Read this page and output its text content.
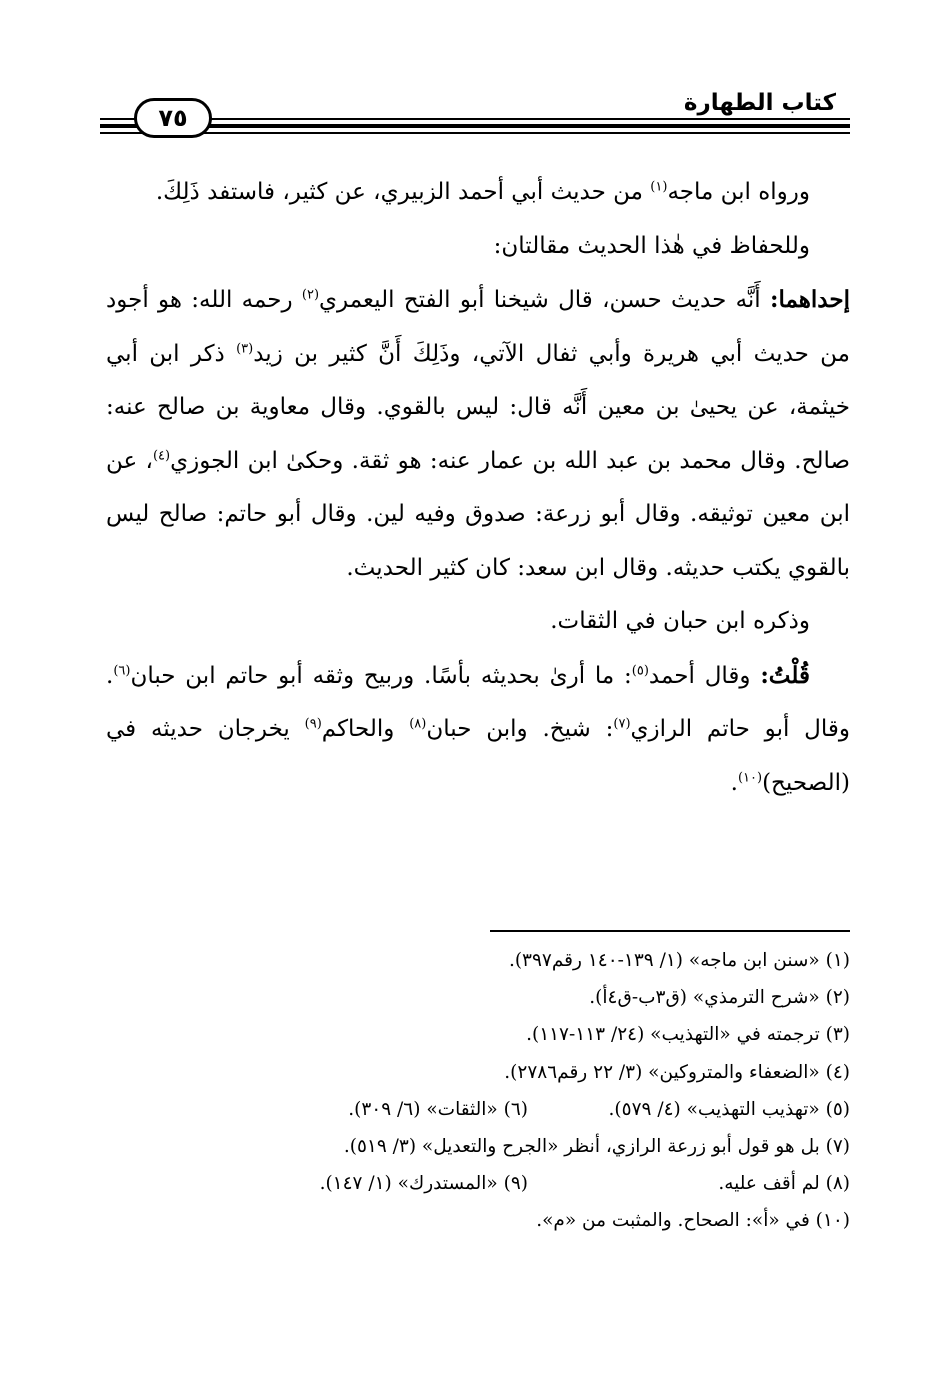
كتاب الطهارة
٧٥

ورواه ابن ماجه$^{(١)}$ من حديث أبي أحمد الزبيري، عن كثير، فاستفد ذَلِكَ.

وللحفاظ في هٰذا الحديث مقالتان:

إحداهما: أَنَّه حديث حسن، قال شيخنا أبو الفتح اليعمري$^{(٢)}$ رحمه الله: هو أجود من حديث أبي هريرة وأبي ثفال الآتي، وذَلِكَ أَنَّ كثير بن زيد$^{(٣)}$ ذكر ابن أبي خيثمة، عن يحيىٰ بن معين أَنَّه قال: ليس بالقوي. وقال معاوية بن صالح عنه: صالح. وقال محمد بن عبد الله بن عمار عنه: هو ثقة. وحكىٰ ابن الجوزي$^{(٤)}$، عن ابن معين توثيقه. وقال أبو زرعة: صدوق وفيه لين. وقال أبو حاتم: صالح ليس بالقوي يكتب حديثه. وقال ابن سعد: كان كثير الحديث.

وذكره ابن حبان في الثقات.

قُلْتُ: وقال أحمد$^{(٥)}$: ما أرىٰ بحديثه بأسًا. وربيح وثقه أبو حاتم ابن حبان$^{(٦)}$. وقال أبو حاتم الرازي$^{(٧)}$: شيخ. وابن حبان$^{(٨)}$ والحاكم$^{(٩)}$ يخرجان حديثه في (الصحيح)$^{(١٠)}$.

(١) «سنن ابن ماجه» (١/ ١٣٩-١٤٠ رقم٣٩٧).
(٢) «شرح الترمذي» (ق٣ب-ق٤أ).
(٣) ترجمته في «التهذيب» (٢٤/ ١١٣-١١٧).
(٤) «الضعفاء والمتروكين» (٣/ ٢٢ رقم٢٧٨٦).
(٥) «تهذيب التهذيب» (٤/ ٥٧٩).
(٦) «الثقات» (٦/ ٣٠٩).
(٧) بل هو قول أبو زرعة الرازي، أنظر «الجرح والتعديل» (٣/ ٥١٩).
(٨) لم أقف عليه.
(٩) «المستدرك» (١/ ١٤٧).
(١٠) في «أ»: الصحاح. والمثبت من «م».
